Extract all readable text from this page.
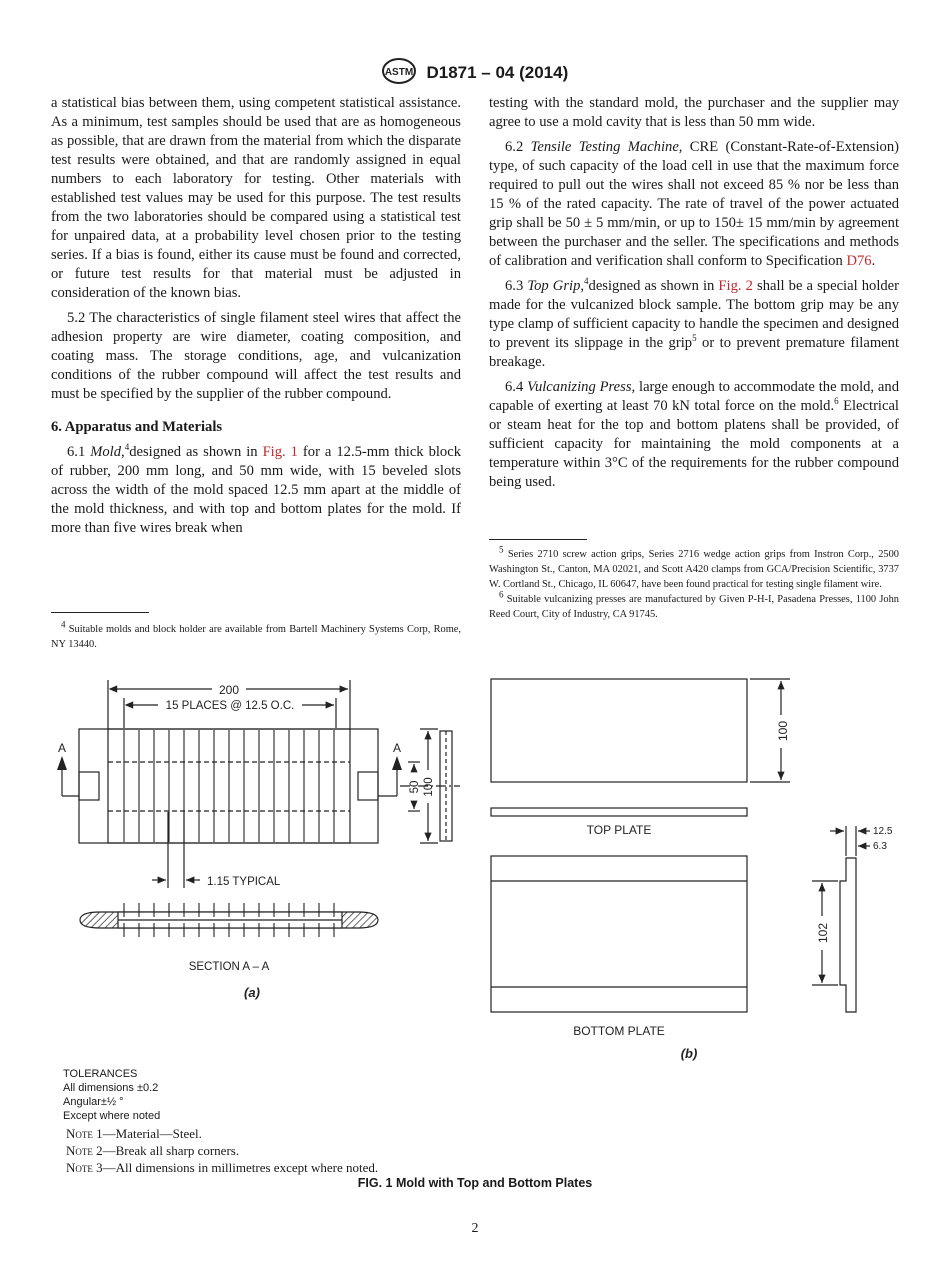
ASTM D1871 – 04 (2014)

a statistical bias between them, using competent statistical assistance. As a minimum, test samples should be used that are as homogeneous as possible, that are drawn from the material from which the disparate test results were obtained, and that are randomly assigned in equal numbers to each laboratory for testing. Other materials with established test values may be used for this purpose. The test results from the two laboratories should be compared using a statistical test for unpaired data, at a probability level chosen prior to the testing series. If a bias is found, either its cause must be found and corrected, or future test results for that material must be adjusted in consideration of the known bias.

5.2 The characteristics of single filament steel wires that affect the adhesion property are wire diameter, coating composition, and coating mass. The storage conditions, age, and vulcanization conditions of the rubber compound will affect the test results and must be specified by the supplier of the rubber compound.

6. Apparatus and Materials

6.1 Mold,$^4$designed as shown in Fig. 1 for a 12.5-mm thick block of rubber, 200 mm long, and 50 mm wide, with 15 beveled slots across the width of the mold spaced 12.5 mm apart at the middle of the mold thickness, and with top and bottom plates for the mold. If more than five wires break when

testing with the standard mold, the purchaser and the supplier may agree to use a mold cavity that is less than 50 mm wide.

6.2 Tensile Testing Machine, CRE (Constant-Rate-of-Extension) type, of such capacity of the load cell in use that the maximum force required to pull out the wires shall not exceed 85 % nor be less than 15 % of the rated capacity. The rate of travel of the power actuated grip shall be 50 ± 5 mm/min, or up to 150± 15 mm/min by agreement between the purchaser and the seller. The specifications and methods of calibration and verification shall conform to Specification D76.

6.3 Top Grip,$^4$designed as shown in Fig. 2 shall be a special holder made for the vulcanized block sample. The bottom grip may be any type clamp of sufficient capacity to handle the specimen and designed to prevent its slippage in the grip$^5$ or to prevent premature filament breakage.

6.4 Vulcanizing Press, large enough to accommodate the mold, and capable of exerting at least 70 kN total force on the mold.$^6$ Electrical or steam heat for the top and bottom platens shall be provided, of sufficient capacity for maintaining the mold components at a temperature within 3°C of the requirements for the rubber compound being used.

$^4$ Suitable molds and block holder are available from Bartell Machinery Systems Corp, Rome, NY 13440.

$^5$ Series 2710 screw action grips, Series 2716 wedge action grips from Instron Corp., 2500 Washington St., Canton, MA 02021, and Scott A420 clamps from GCA/Precision Scientific, 3737 W. Cortland St., Chicago, IL 60647, have been found practical for testing single filament wire.

$^6$ Suitable vulcanizing presses are manufactured by Given P-H-I, Pasadena Presses, 1100 John Reed Court, City of Industry, CA 91745.

200
15 PLACES @ 12.5 O.C.
A	A
50 100
1.15 TYPICAL
SECTION A – A
(a)
100
TOP PLATE	12.5
6.3
102
BOTTOM PLATE
(b)
TOLERANCES
All dimensions ±0.2
Angular±½ °
Except where noted
Note 1—Material—Steel.
Note 2—Break all sharp corners.
Note 3—All dimensions in millimetres except where noted.
FIG. 1 Mold with Top and Bottom Plates
2
